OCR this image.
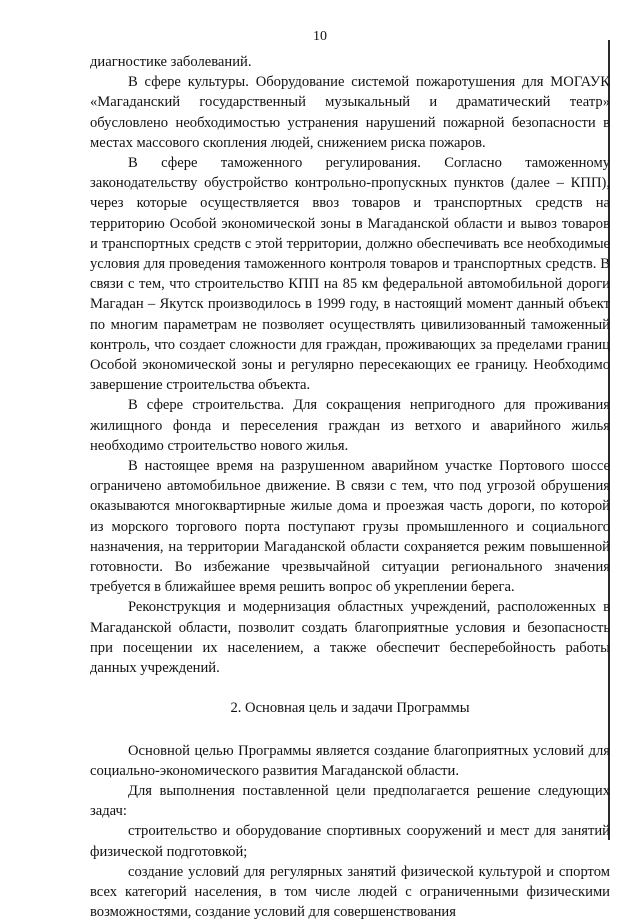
10

диагностике заболеваний.

В сфере культуры. Оборудование системой пожаротушения для МОГАУК «Магаданский государственный музыкальный и драматический театр» обусловлено необходимостью устранения нарушений пожарной безопасности в местах массового скопления людей, снижением риска пожаров.

В сфере таможенного регулирования. Согласно таможенному законодательству обустройство контрольно-пропускных пунктов (далее – КПП), через которые осуществляется ввоз товаров и транспортных средств на территорию Особой экономической зоны в Магаданской области и вывоз товаров и транспортных средств с этой территории, должно обеспечивать все необходимые условия для проведения таможенного контроля товаров и транспортных средств. В связи с тем, что строительство КПП на 85 км федеральной автомобильной дороги Магадан – Якутск производилось в 1999 году, в настоящий момент данный объект по многим параметрам не позволяет осуществлять цивилизованный таможенный контроль, что создает сложности для граждан, проживающих за пределами границ Особой экономической зоны и регулярно пересекающих ее границу. Необходимо завершение строительства объекта.

В сфере строительства. Для сокращения непригодного для проживания жилищного фонда и переселения граждан из ветхого и аварийного жилья необходимо строительство нового жилья.

В настоящее время на разрушенном аварийном участке Портового шоссе ограничено автомобильное движение. В связи с тем, что под угрозой обрушения оказываются многоквартирные жилые дома и проезжая часть дороги, по которой из морского торгового порта поступают грузы промышленного и социального назначения, на территории Магаданской области сохраняется режим повышенной готовности. Во избежание чрезвычайной ситуации регионального значения требуется в ближайшее время решить вопрос об укреплении берега.

Реконструкция и модернизация областных учреждений, расположенных в Магаданской области, позволит создать благоприятные условия и безопасность при посещении их населением, а также обеспечит бесперебойность работы данных учреждений.

2. Основная цель и задачи Программы

Основной целью Программы является создание благоприятных условий для социально-экономического развития Магаданской области.

Для выполнения поставленной цели предполагается решение следующих задач:

строительство и оборудование спортивных сооружений и мест для занятий физической подготовкой;

создание условий для регулярных занятий физической культурой и спортом всех категорий населения, в том числе людей с ограниченными физическими возможностями, создание условий для совершенствования
